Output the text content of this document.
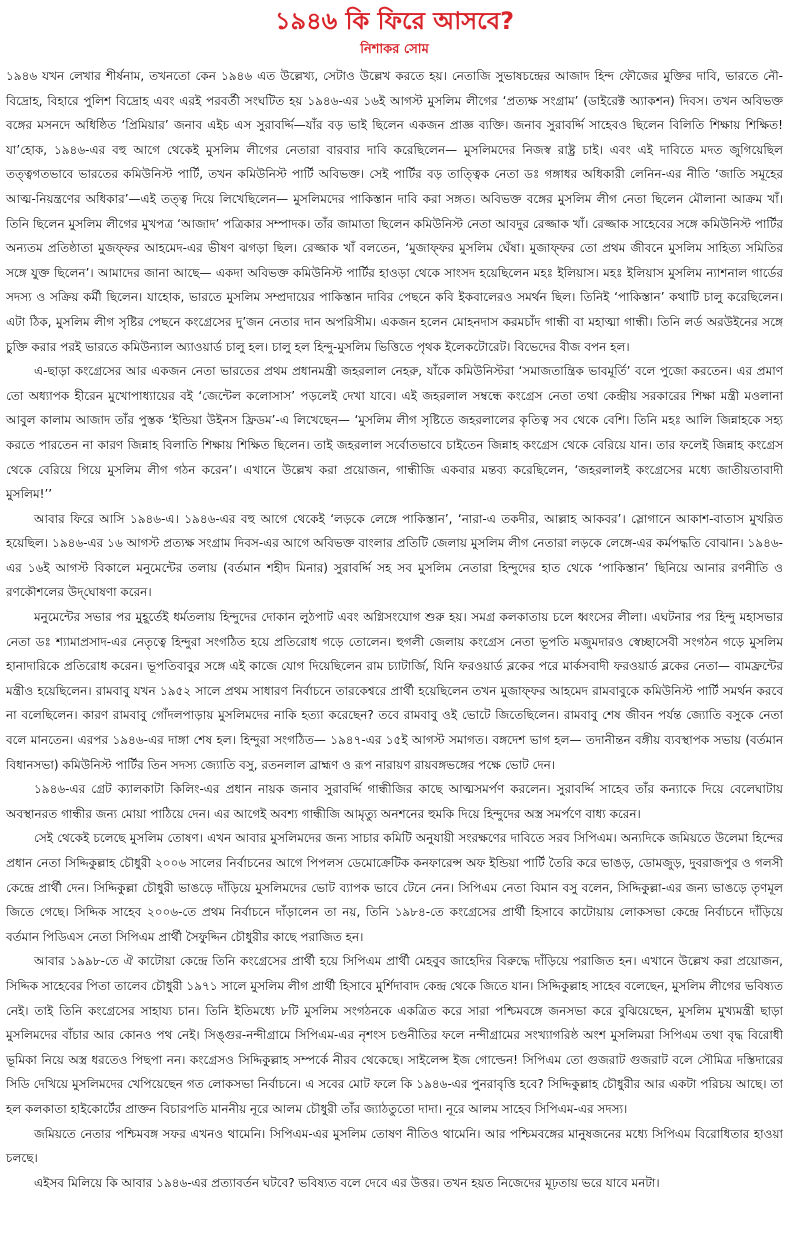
১৯৪৬ কি ফিরে আসবে?
নিশাকর সোম

১৯৪৬ যখন লেখার শীর্ষনাম, তখনতো কেন ১৯৪৬ এত উল্লেখ্য, সেটাও উল্লেখ করতে হয়। নেতাজি সুভাষচন্দ্রের আজাদ হিন্দ ফৌজের মুক্তির দাবি, ভারতে নৌ-বিদ্রোহ, বিহারে পুলিশ বিদ্রোহ এবং এরই পরবর্তী সংঘটিত হয় ১৯৪৬-এর ১৬ই আগস্ট মুসলিম লীগের ‘প্রত্যক্ষ সংগ্রাম’ (ডাইরেক্ট অ্যাকশন) দিবস। তখন অবিভক্ত বঙ্গের মসনদে অধিষ্ঠিত ‘প্রিমিয়ার’ জনাব এইচ এস সুরাবর্দ্দি—যাঁর বড় ভাই ছিলেন একজন প্রাজ্ঞ ব্যক্তি। জনাব সুরাবর্দ্দি সাহেবও ছিলেন বিলিতি শিক্ষায় শিক্ষিত! যা’হোক, ১৯৪৬-এর বহু আগে থেকেই মুসলিম লীগের নেতারা বারবার দাবি করেছিলেন— মুসলিমদের নিজস্ব রাষ্ট্র চাই। এবং এই দাবিতে মদত জুগিয়েছিল তত্ত্বগতভাবে ভারতের কমিউনিস্ট পার্টি, তখন কমিউনিস্ট পার্টি অবিভক্ত। সেই পার্টির বড় তাত্ত্বিক নেতা ডঃ গঙ্গাধর অধিকারী লেনিন-এর নীতি ‘জাতি সমূহের আত্ম-নিয়ন্ত্রণের অধিকার’—এই তত্ত্ব দিয়ে লিখেছিলেন— মুসলিমদের পাকিস্তান দাবি করা সঙ্গত। অবিভক্ত বঙ্গের মুসলিম লীগ নেতা ছিলেন মৌলানা আক্রম খাঁ। তিনি ছিলেন মুসলিম লীগের মুখপত্র ‘আজাদ’ পত্রিকার সম্পাদক। তাঁর জামাতা ছিলেন কমিউনিস্ট নেতা আবদুর রেজ্জাক খাঁ। রেজ্জাক সাহেবের সঙ্গে কমিউনিস্ট পার্টির অন্যতম প্রতিষ্ঠাতা মুজফ্‌ফর আহমেদ-এর ভীষণ ঝগড়া ছিল। রেজ্জাক খাঁ বলতেন, ‘মুজাফ্‌ফর মুসলিম ঘেঁষা। মুজাফ্‌ফর তো প্রথম জীবনে মুসলিম সাহিত্য সমিতির সঙ্গে যুক্ত ছিলেন’। আমাদের জানা আছে— একদা অবিভক্ত কমিউনিস্ট পার্টির হাওড়া থেকে সাংসদ হয়েছিলেন মহঃ ইলিয়াস। মহঃ ইলিয়াস মুসলিম ন্যাশনাল গার্ডের সদস্য ও সক্রিয় কর্মী ছিলেন। যাহোক, ভারতে মুসলিম সম্প্রদায়ের পাকিস্তান দাবির পেছনে কবি ইকবালেরও সমর্থন ছিল। তিনিই ‘পাকিস্তান’ কথাটি চালু করেছিলেন। এটা ঠিক, মুসলিম লীগ সৃষ্টির পেছনে কংগ্রেসের দু’জন নেতার দান অপরিসীম। একজন হলেন মোহনদাস করমচাঁদ গান্ধী বা মহাত্মা গান্ধী। তিনি লর্ড অরউইনের সঙ্গে চুক্তি করার পরই ভারতে কমিউন্যাল অ্যাওয়ার্ড চালু হল। চালু হল হিন্দু-মুসলিম ভিত্তিতে পৃথক ইলেকটোরেট। বিভেদের বীজ বপন হল।

এ-ছাড়া কংগ্রেসের আর একজন নেতা ভারতের প্রথম প্রধানমন্ত্রী জহরলাল নেহরু, যাঁকে কমিউনিস্টরা ‘সমাজতান্ত্রিক ভাবমূর্তি’ বলে পুজো করতেন। এর প্রমাণ তো অধ্যাপক হীরেন মুখোপাধ্যায়ের বই ‘জেন্টেল কলোসাস’ পড়লেই দেখা যাবে। এই জহরলাল সম্বন্ধে কংগ্রেস নেতা তথা কেন্দ্রীয় সরকারের শিক্ষা মন্ত্রী মওলানা আবুল কালাম আজাদ তাঁর পুস্তক ‘ইন্ডিয়া উইনস ফ্রিডম’-এ লিখেছেন— ‘মুসলিম লীগ সৃষ্টিতে জহরলালের কৃতিত্ব সব থেকে বেশি। তিনি মহঃ আলি জিন্নাহকে সহ্য করতে পারতেন না কারণ জিন্নাহ বিলাতি শিক্ষায় শিক্ষিত ছিলেন। তাই জহরলাল সর্বোতভাবে চাইতেন জিন্নাহ কংগ্রেস থেকে বেরিয়ে যান। তার ফলেই জিন্নাহ কংগ্রেস থেকে বেরিয়ে গিয়ে মুসলিম লীগ গঠন করেন’। এখানে উল্লেখ করা প্রয়োজন, গান্ধীজি একবার মন্তব্য করেছিলেন, ‘জহরলালই কংগ্রেসের মধ্যে জাতীয়তাবাদী মুসলিম!’’

আবার ফিরে আসি ১৯৪৬-এ। ১৯৪৬-এর বহু আগে থেকেই ‘লড়কে লেঙ্গে পাকিস্তান’, ‘নারা-এ তকদীর, আল্লাহ আকবর’। স্লোগানে আকাশ-বাতাস মুখরিত হয়েছিল। ১৯৪৬-এর ১৬ আগস্ট প্রত্যক্ষ সংগ্রাম দিবস-এর আগে অবিভক্ত বাংলার প্রতিটি জেলায় মুসলিম লীগ নেতারা লড়কে লেঙ্গে-এর কর্মপদ্ধতি বোঝান। ১৯৪৬-এর ১৬ই আগস্ট বিকালে মনুমেন্টের তলায় (বর্তমান শহীদ মিনার) সুরাবর্দ্দি সহ সব মুসলিম নেতারা হিন্দুদের হাত থেকে ‘পাকিস্তান’ ছিনিয়ে আনার রণনীতি ও রণকৌশলের উদ্‌ঘোষণা করেন।

মনুমেন্টের সভার পর মুহূর্তেই ধর্মতলায় হিন্দুদের দোকান লুঠপাট এবং অগ্নিসংযোগ শুরু হয়। সমগ্র কলকাতায় চলে ধ্বংসের লীলা। এঘটনার পর হিন্দু মহাসভার নেতা ডঃ শ্যামাপ্রসাদ-এর নেতৃত্বে হিন্দুরা সংগঠিত হয়ে প্রতিরোধ গড়ে তোলেন। হুগলী জেলায় কংগ্রেস নেতা ভূপতি মজুমদারও স্বেচ্ছাসেবী সংগঠন গড়ে মুসলিম হানাদারিকে প্রতিরোধ করেন। ভূপতিবাবুর সঙ্গে এই কাজে যোগ দিয়েছিলেন রাম চ্যাটার্জি, যিনি ফরওয়ার্ড ব্লকের পরে মার্কসবাদী ফরওয়ার্ড ব্লকের নেতা— বামফ্রন্টের মন্ত্রীও হয়েছিলেন। রামবাবু যখন ১৯৫২ সালে প্রথম সাধারণ নির্বাচনে তারকেশ্বরে প্রার্থী হয়েছিলেন তখন মুজাফ্‌ফর আহমেদ রামবাবুকে কমিউনিস্ট পার্টি সমর্থন করবে না বলেছিলেন। কারণ রামবাবু গোঁদলপাড়ায় মুসলিমদের নাকি হত্যা করেছেন? তবে রামবাবু ওই ভোটে জিতেছিলেন। রামবাবু শেষ জীবন পর্যন্ত জ্যোতি বসুকে নেতা বলে মানতেন। এরপর ১৯৪৬-এর দাঙ্গা শেষ হল। হিন্দুরা সংগঠিত— ১৯৪৭-এর ১৫ই আগস্ট সমাগত। বঙ্গদেশ ভাগ হল— তদানীন্তন বঙ্গীয় ব্যবস্থাপক সভায় (বর্তমান বিধানসভা) কমিউনিস্ট পার্টির তিন সদস্য জ্যোতি বসু, রতনলাল ব্রাহ্মণ ও রূপ নারায়ণ রায়বঙ্গভঙ্গের পক্ষে ভোট দেন।

১৯৪৬-এর গ্রেট ক্যালকাটা কিলিং-এর প্রধান নায়ক জনাব সুরাবর্দ্দি গান্ধীজির কাছে আত্মসমর্পণ করলেন। সুরাবর্দ্দি সাহেব তাঁর কন্যাকে দিয়ে বেলেঘাটায় অবস্থানরত গান্ধীর জন্য মোয়া পাঠিয়ে দেন। এর আগেই অবশ্য গান্ধীজি আমৃত্যু অনশনের হুমকি দিয়ে হিন্দুদের অস্ত্র সমর্পণে বাধ্য করেন।

সেই থেকেই চলেছে মুসলিম তোষণ। এখন আবার মুসলিমদের জন্য সাচার কমিটি অনুযায়ী সংরক্ষণের দাবিতে সরব সিপিএম। অন্যদিকে জমিয়তে উলেমা হিন্দের প্রধান নেতা সিদ্দিকুল্লাহ চৌধুরী ২০০৬ সালের নির্বাচনের আগে পিপলস ডেমোক্রেটিক কনফারেন্স অফ ইন্ডিয়া পার্টি তৈরি করে ভাঙড়, ডোমজুড়, দুবরাজপুর ও গলসী কেন্দ্রে প্রার্থী দেন। সিদ্দিকুল্লা চৌধুরী ভাঙড়ে দাঁড়িয়ে মুসলিমদের ভোট ব্যাপক ভাবে টেনে নেন। সিপিএম নেতা বিমান বসু বলেন, সিদ্দিকুল্লা-এর জন্য ভাঙড়ে তৃণমূল জিতে গেছে। সিদ্দিক সাহেব ২০০৬-তে প্রথম নির্বাচনে দাঁড়ালেন তা নয়, তিনি ১৯৮৪-তে কংগ্রেসের প্রার্থী হিসাবে কাটোয়ায় লোকসভা কেন্দ্রে নির্বাচনে দাঁড়িয়ে বর্তমান পিডিএস নেতা সিপিএম প্রার্থী সৈফুদ্দিন চৌধুরীর কাছে পরাজিত হন।

আবার ১৯৯৮-তে ঐ কাটোয়া কেন্দ্রে তিনি কংগ্রেসের প্রার্থী হয়ে সিপিএম প্রার্থী মেহবুব জাহেদির বিরুদ্ধে দাঁড়িয়ে পরাজিত হন। এখানে উল্লেখ করা প্রয়োজন, সিদ্দিক সাহেবের পিতা তালেব চৌধুরী ১৯৭১ সালে মুসলিম লীগ প্রার্থী হিসাবে মুর্শিদাবাদ কেন্দ্র থেকে জিতে যান। সিদ্দিকুল্লাহ সাহেব বলেছেন, মুসলিম লীগের ভবিষ্যত নেই। তাই তিনি কংগ্রেসের সাহায্য চান। তিনি ইতিমধ্যে ৮টি মুসলিম সংগঠনকে একত্রিত করে সারা পশ্চিমবঙ্গে জনসভা করে বুঝিয়েছেন, মুসলিম মুখ্যমন্ত্রী ছাড়া মুসলিমদের বাঁচার আর কোনও পথ নেই। সিঙ্গুর-নন্দীগ্রামে সিপিএম-এর নৃশংস চণ্ডনীতির ফলে নন্দীগ্রামের সংখ্যাগরিষ্ঠ অংশ মুসলিমরা সিপিএম তথা বৃদ্ধ বিরোধী ভূমিকা নিয়ে অস্ত্র ধরতেও পিছপা নন। কংগ্রেসও সিদ্দিকুল্লাহ সম্পর্কে নীরব থেকেছে। সাইলেন্স ইজ গোল্ডেন! সিপিএম তো গুজরাট গুজরাট বলে সৌমিত্র দস্তিদারের সিডি দেখিয়ে মুসলিমদের খেপিয়েছেন গত লোকসভা নির্বাচনে। এ সবের মোট ফলে কি ১৯৪৬-এর পুনরাবৃত্তি হবে? সিদ্দিকুল্লাহ চৌধুরীর আর একটা পরিচয় আছে। তা হল কলকাতা হাইকোর্টের প্রাক্তন বিচারপতি মাননীয় নূরে আলম চৌধুরী তাঁর জ্যাঠতুতো দাদা। নূরে আলম সাহেব সিপিএম-এর সদস্য।

জমিয়তে নেতার পশ্চিমবঙ্গ সফর এখনও থামেনি। সিপিএম-এর মুসলিম তোষণ নীতিও থামেনি। আর পশ্চিমবঙ্গের মানুষজনের মধ্যে সিপিএম বিরোধিতার হাওয়া চলছে।

এইসব মিলিয়ে কি আবার ১৯৪৬-এর প্রত্যাবর্তন ঘটবে? ভবিষ্যত বলে দেবে এর উত্তর। তখন হয়ত নিজেদের মূঢ়তায় ভরে যাবে মনটা।
